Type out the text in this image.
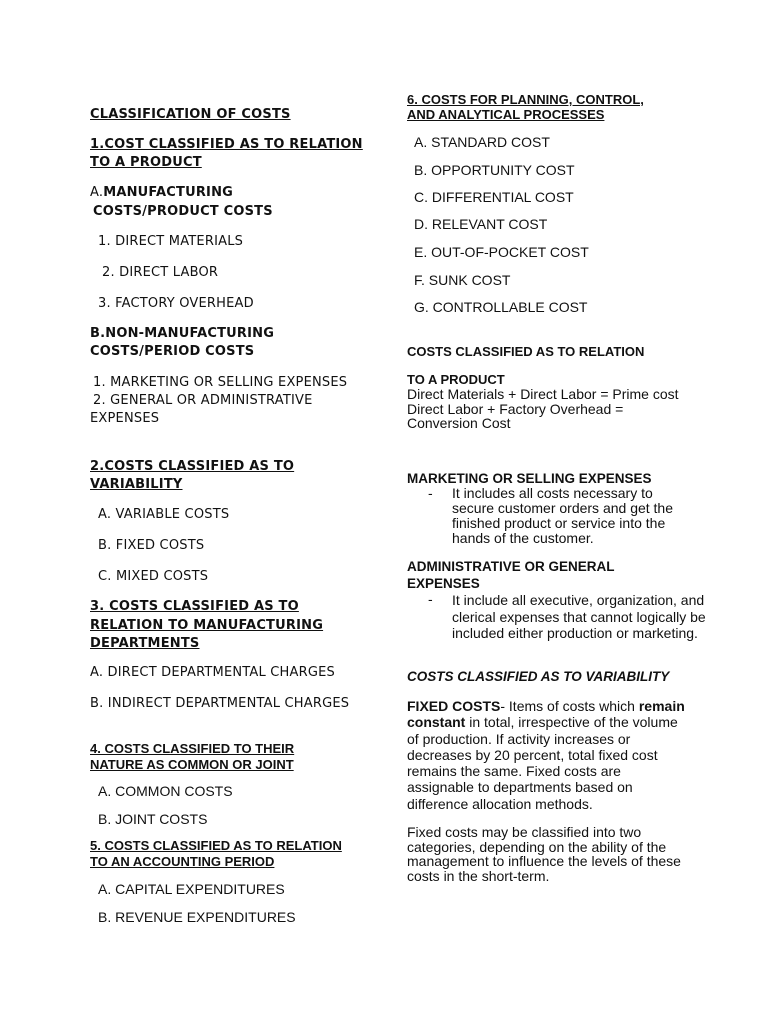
CLASSIFICATION OF COSTS
1.COST CLASSIFIED AS TO RELATION
TO A PRODUCT
A.MANUFACTURING
COSTS/PRODUCT COSTS
1. DIRECT MATERIALS
2. DIRECT LABOR
3. FACTORY OVERHEAD
B.NON-MANUFACTURING
COSTS/PERIOD COSTS
1. MARKETING OR SELLING EXPENSES
2. GENERAL OR ADMINISTRATIVE
EXPENSES
2.COSTS CLASSIFIED AS TO
VARIABILITY
A. VARIABLE COSTS
B. FIXED COSTS
C. MIXED COSTS
3. COSTS CLASSIFIED AS TO
RELATION TO MANUFACTURING
DEPARTMENTS
A. DIRECT DEPARTMENTAL CHARGES
B. INDIRECT DEPARTMENTAL CHARGES
4. COSTS CLASSIFIED TO THEIR
NATURE AS COMMON OR JOINT
A. COMMON COSTS
B. JOINT COSTS
5. COSTS CLASSIFIED AS TO RELATION
TO AN ACCOUNTING PERIOD
A. CAPITAL EXPENDITURES
B. REVENUE EXPENDITURES
6. COSTS FOR PLANNING, CONTROL,
AND ANALYTICAL PROCESSES
A. STANDARD COST
B. OPPORTUNITY COST
C. DIFFERENTIAL COST
D. RELEVANT COST
E. OUT-OF-POCKET COST
F. SUNK COST
G. CONTROLLABLE COST
COSTS CLASSIFIED AS TO RELATION
TO A PRODUCT
Direct Materials + Direct Labor = Prime cost
Direct Labor + Factory Overhead =
Conversion Cost
MARKETING OR SELLING EXPENSES
- It includes all costs necessary to secure customer orders and get the finished product or service into the hands of the customer.
ADMINISTRATIVE OR GENERAL
EXPENSES
- It include all executive, organization, and clerical expenses that cannot logically be included either production or marketing.
COSTS CLASSIFIED AS TO VARIABILITY
FIXED COSTS- Items of costs which remain constant in total, irrespective of the volume of production. If activity increases or decreases by 20 percent, total fixed cost remains the same. Fixed costs are assignable to departments based on difference allocation methods.
Fixed costs may be classified into two categories, depending on the ability of the management to influence the levels of these costs in the short-term.
